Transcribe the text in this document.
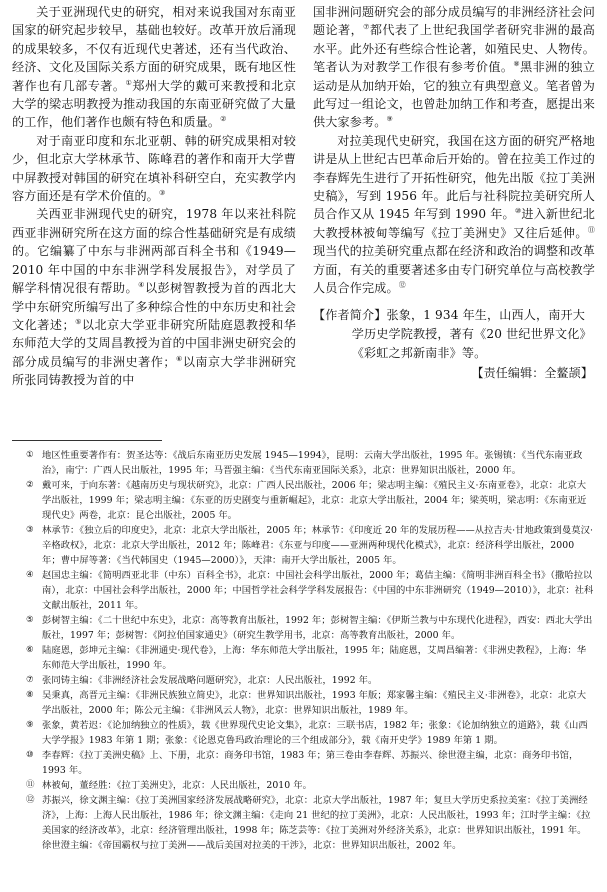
关于亚洲现代史的研究，相对来说我国对东南亚国家的研究起步较早，基础也较好。改革开放后涌现的成果较多，不仅有近现代史著述，还有当代政治、经济、文化及国际关系方面的研究成果，既有地区性著作也有几部专著。①郑州大学的戴可来教授和北京大学的梁志明教授为推动我国的东南亚研究做了大量的工作，他们著作也颇有特色和质量。②

对于南亚印度和东北亚朝、韩的研究成果相对较少，但北京大学林承节、陈峰君的著作和南开大学曹中屏教授对韩国的研究在填补科研空白，充实教学内容方面还是有学术价值的。③

关西亚非洲现代史的研究，1978 年以来社科院西亚非洲研究所在这方面的综合性基础研究是有成绩的。它编纂了中东与非洲两部百科全书和《1949—2010 年中国的中东非洲学科发展报告》，对学员了解学科情况很有帮助。④以彭树智教授为首的西北大学中东研究所编写出了多种综合性的中东历史和社会文化著述；⑤以北京大学亚非研究所陆庭恩教授和华东师范大学的艾周昌教授为首的中国非洲史研究会的部分成员编写的非洲史著作；⑥以南京大学非洲研究所张同铸教授为首的中

国非洲问题研究会的部分成员编写的非洲经济社会问题论著，⑦都代表了上世纪我国学者研究非洲的最高水平。此外还有些综合性论著，如殖民史、人物传。笔者认为对教学工作很有参考价值。⑧黑非洲的独立运动是从加纳开始，它的独立有典型意义。笔者曾为此写过一组论文，也曾赴加纳工作和考查，愿提出来供大家参考。⑨

对拉美现代史研究，我国在这方面的研究严格地讲是从上世纪古巴革命后开始的。曾在拉美工作过的李春辉先生进行了开拓性研究，他先出版《拉丁美洲史稿》，写到 1956 年。此后与社科院拉美研究所人员合作又从 1945 年写到 1990 年。⑩进入新世纪北大教授林被甸等编写《拉丁美洲史》又往后延伸。⑪现当代的拉美研究重点都在经济和政治的调整和改革方面，有关的重要著述多由专门研究单位与高校教学人员合作完成。⑫

【作者简介】张象，1 934 年生，山西人，南开大学历史学院教授，著有《20 世纪世界文化》《彩虹之邦新南非》等。
【责任编辑：全鳌颉】

① 地区性重要著作有：贺圣达等：《战后东南亚历史发展 1945—1994》，昆明：云南大学出版社，1995 年。张锡镇：《当代东南亚政治》，南宁：广西人民出版社，1995 年；马晋强主编：《当代东南亚国际关系》，北京：世界知识出版社，2000 年。

② 戴可来，于向东著：《越南历史与现状研究》，北京：广西人民出版社，2006 年；梁志明主编：《殖民主义·东南亚卷》，北京：北京大学出版社，1999 年；梁志明主编：《东亚的历史剧变与重新崛起》，北京：北京大学出版社，2004 年；梁英明，梁志明：《东南亚近现代史》两卷，北京：昆仑出版社，2005 年。

③ 林承节：《独立后的印度史》，北京：北京大学出版社，2005 年；林承节：《印度近 20 年的发展历程——从拉吉夫·甘地政策到曼莫汉·辛格政权》，北京：北京大学出版社，2012 年；陈峰君：《东亚与印度——亚洲两种现代化模式》，北京：经济科学出版社，2000 年；曹中屏等著：《当代韩国史（1945—2000）》，天津：南开大学出版社，2005 年。

④ 赵国忠主编：《简明西亚北非（中东）百科全书》，北京：中国社会科学出版社，2000 年；葛佶主编：《简明非洲百科全书》（撒哈拉以南），北京：中国社会科学出版社，2000 年；中国哲学社会科学学科发展报告：《中国的中东非洲研究（1949—2010）》，北京：社科文献出版社，2011 年。

⑤ 彭树智主编：《二十世纪中东史》，北京：高等教育出版社，1992 年；彭树智主编：《伊斯兰教与中东现代化进程》，西安：西北大学出版社，1997 年；彭树智：《阿拉伯国家通史》（研究生教学用书，北京：高等教育出版社，2000 年。

⑥ 陆庭恩，彭坤元主编：《非洲通史·现代卷》，上海：华东师范大学出版社，1995 年；陆庭恩，艾周昌编著：《非洲史教程》，上海：华东师范大学出版社，1990 年。

⑦ 张同铸主编：《非洲经济社会发展战略问题研究》，北京：人民出版社，1992 年。

⑧ 吴秉真，高晋元主编：《非洲民族独立简史》，北京：世界知识出版社，1993 年版；郑家馨主编：《殖民主义·非洲卷》，北京：北京大学出版社，2000 年；陈公元主编：《非洲风云人物》，北京：世界知识出版社，1989 年。

⑨ 张象，黄若迟：《论加纳独立的性质》，载《世界现代史论文集》，北京：三联书店，1982 年；张象：《论加纳独立的道路》，载《山西大学学报》1983 年第 1 期；张象：《论恩克鲁玛政治理论的三个组成部分》，载《南开史学》1989 年第 1 期。

⑩ 李春辉：《拉丁美洲史稿》上、下册，北京：商务印书馆，1983 年；第三卷由李春辉、苏振兴、徐世澄主编，北京：商务印书馆，1993 年。

⑪ 林被甸，董经胜：《拉丁美洲史》，北京：人民出版社，2010 年。

⑫ 苏振兴，徐文渊主编：《拉丁美洲国家经济发展战略研究》，北京：北京大学出版社，1987 年；复旦大学历史系拉美室：《拉丁美洲经济》，上海：上海人民出版社，1986 年；徐文渊主编：《走向 21 世纪的拉丁美洲》，北京：人民出版社，1993 年；江时学主编：《拉美国家的经济改革》，北京：经济管理出版社，1998 年；陈芝芸等：《拉丁美洲对外经济关系》，北京：世界知识出版社，1991 年。徐世澄主编：《帝国霸权与拉丁美洲——战后美国对拉美的干涉》，北京：世界知识出版社，2002 年。
